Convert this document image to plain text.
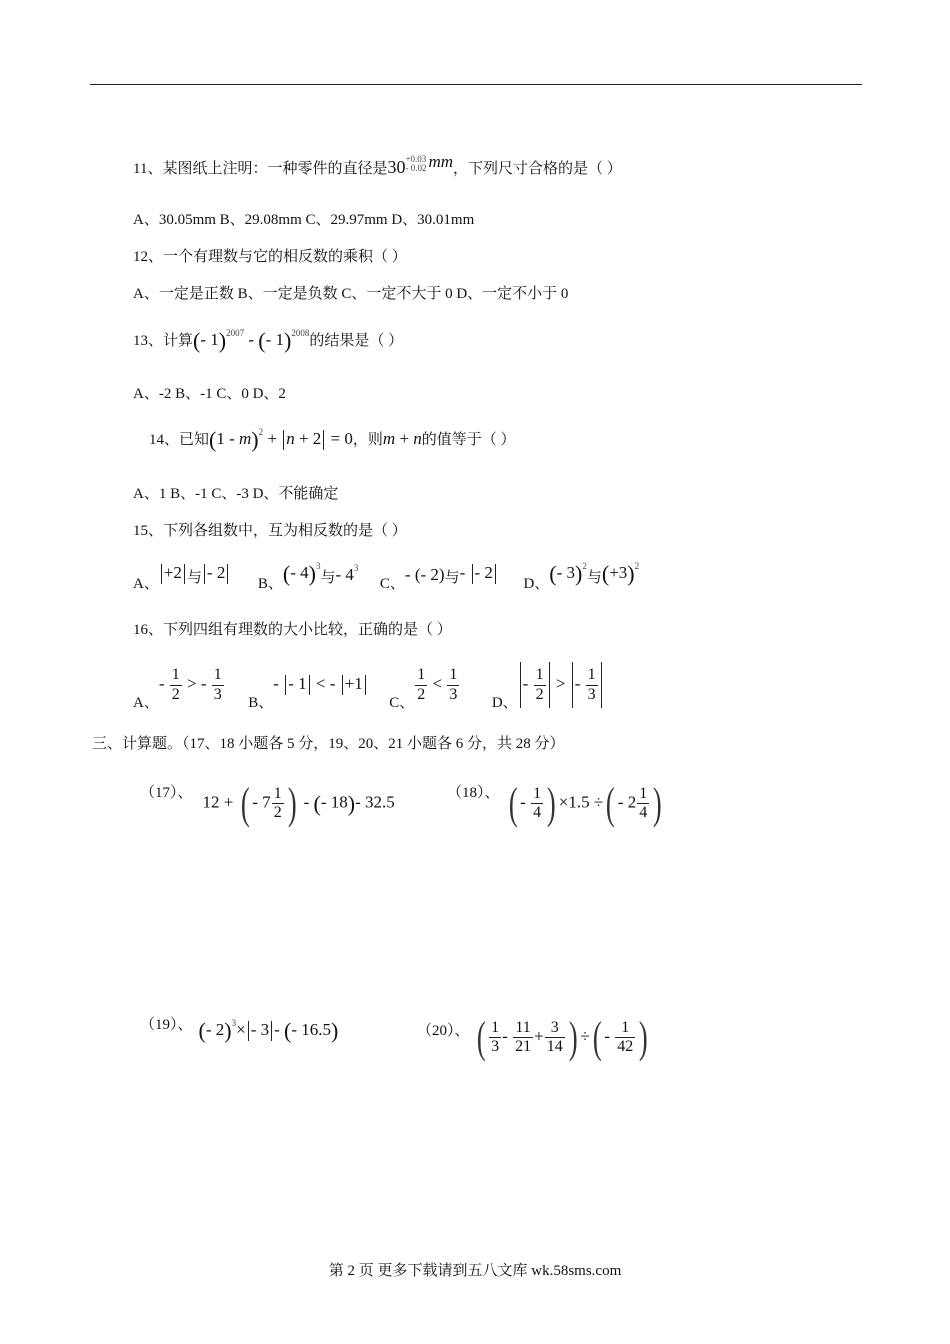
11、某图纸上注明：一种零件的直径是30 +0.03
- 0.02 mm，下列尺寸合格的是（ ）
A、30.05mm B、29.08mm C、29.97mm D、30.01mm
12、一个有理数与它的相反数的乘积（ ）
A、一定是正数 B、一定是负数 C、一定不大于 0 D、一定不小于 0
13、计算(- 1)$^{2007}$ - (- 1)$^{2008}$的结果是（ ）
A、-2 B、-1 C、0 D、2
14、已知(1 - m)$^2$ + n + 2 = 0，则m + n的值等于（ ）
A、1 B、-1 C、-3 D、不能确定
15、下列各组数中，互为相反数的是（ ）
A、+2 与 - 2  B、(- 4)$^3$与- $4^3$  C、- (- 2)与- - 2  D、(- 3)$^2$与$(+3)^2$
16、下列四组有理数的大小比较，正确的是（ ）
A、- $\frac{1}{2}$ > - $\frac{1}{3}$ B、- - 1 < - +1  C、 $\frac{1}{2} < \frac{1}{3}$ D、- $\frac{1}{2}$ > - $\frac{1}{3}$
三、计算题。（17、18 小题各 5 分，19、20、21 小题各 6 分，共 28 分）
（17）、 12 + ( - $7 \frac{1}{2}$ ) - (- 18)- 32.5	（18）、 ( - $\frac{1}{4}$ ) ×1.5 ÷( - $2 \frac{1}{4}$ )
（19）、 (- 2)$^3$× - 3 - (- 16.5)	（20）、 ( $\frac{1}{3} - \frac{11}{21} + \frac{3}{14}$ ) ÷( - $\frac{1}{42}$ )
第 2 页 更多下载请到五八文库 wk.58sms.com
